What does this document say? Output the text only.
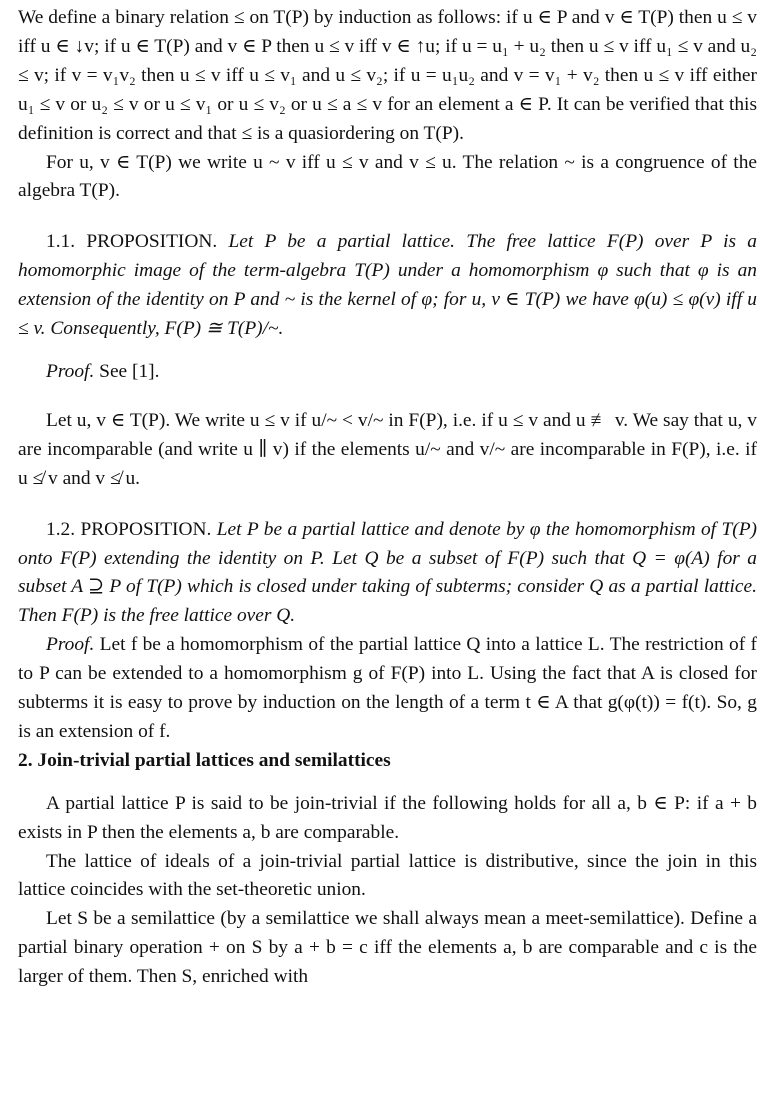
We define a binary relation ≤ on T(P) by induction as follows: if u ∈ P and v ∈ T(P) then u ≤ v iff u ∈ ↓v; if u ∈ T(P) and v ∈ P then u ≤ v iff v ∈ ↑u; if u = u₁ + u₂ then u ≤ v iff u₁ ≤ v and u₂ ≤ v; if v = v₁v₂ then u ≤ v iff u ≤ v₁ and u ≤ v₂; if u = u₁u₂ and v = v₁ + v₂ then u ≤ v iff either u₁ ≤ v or u₂ ≤ v or u ≤ v₁ or u ≤ v₂ or u ≤ a ≤ v for an element a ∈ P. It can be verified that this definition is correct and that ≤ is a quasiordering on T(P).

For u, v ∈ T(P) we write u ~ v iff u ≤ v and v ≤ u. The relation ~ is a congruence of the algebra T(P).

1.1. PROPOSITION. Let P be a partial lattice. The free lattice F(P) over P is a homomorphic image of the term-algebra T(P) under a homomorphism φ such that φ is an extension of the identity on P and ~ is the kernel of φ; for u, v ∈ T(P) we have φ(u) ≤ φ(v) iff u ≤ v. Consequently, F(P) ≅ T(P)/~.

Proof. See [1].

Let u, v ∈ T(P). We write u ≤ v if u/~ < v/~ in F(P), i.e. if u ≤ v and u ≢ v. We say that u, v are incomparable (and write u ∥ v) if the elements u/~ and v/~ are incomparable in F(P), i.e. if u ≰ v and v ≰ u.

1.2. PROPOSITION. Let P be a partial lattice and denote by φ the homomorphism of T(P) onto F(P) extending the identity on P. Let Q be a subset of F(P) such that Q = φ(A) for a subset A ⊇ P of T(P) which is closed under taking of subterms; consider Q as a partial lattice. Then F(P) is the free lattice over Q.

Proof. Let f be a homomorphism of the partial lattice Q into a lattice L. The restriction of f to P can be extended to a homomorphism g of F(P) into L. Using the fact that A is closed for subterms it is easy to prove by induction on the length of a term t ∈ A that g(φ(t)) = f(t). So, g is an extension of f.

2. Join-trivial partial lattices and semilattices

A partial lattice P is said to be join-trivial if the following holds for all a, b ∈ P: if a + b exists in P then the elements a, b are comparable.

The lattice of ideals of a join-trivial partial lattice is distributive, since the join in this lattice coincides with the set-theoretic union.

Let S be a semilattice (by a semilattice we shall always mean a meet-semilattice). Define a partial binary operation + on S by a + b = c iff the elements a, b are comparable and c is the larger of them. Then S, enriched with
